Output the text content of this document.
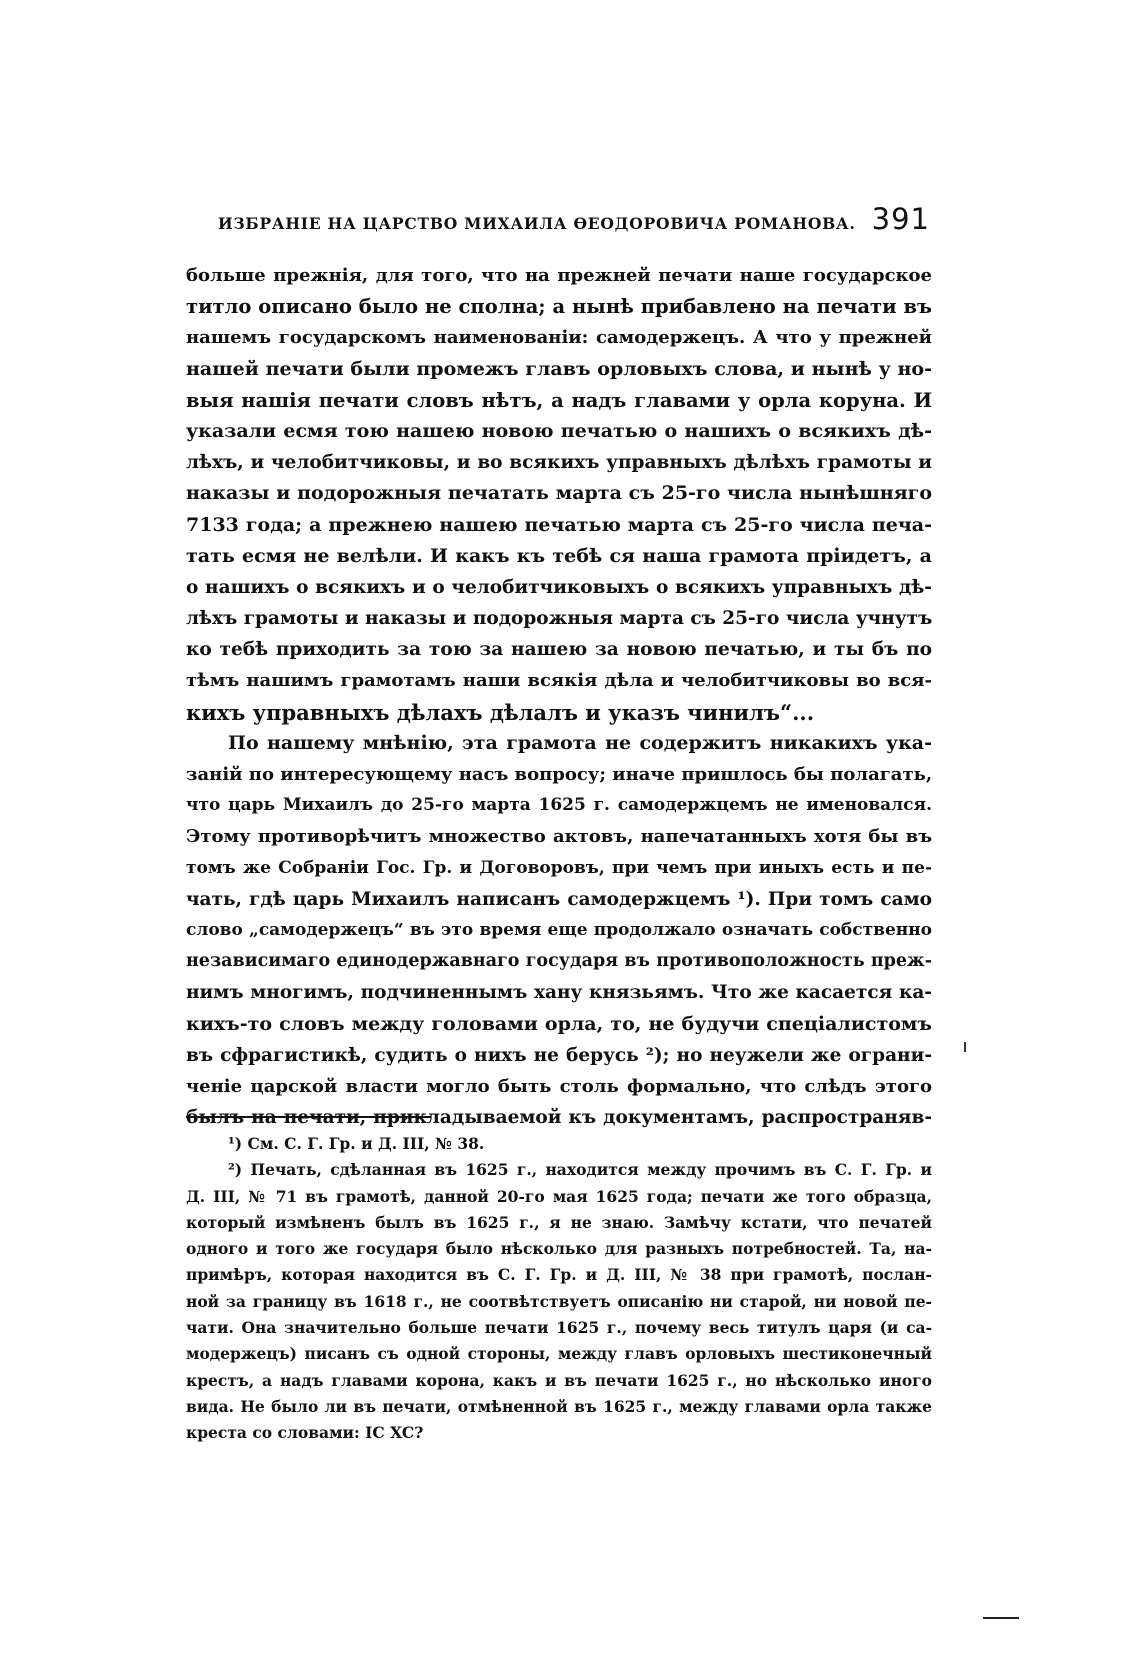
ИЗБРАНІЕ НА ЦАРСТВО МИХАИЛА ѲЕОДОРОВИЧА РОМАНОВА. 391
больше прежнія, для того, что на прежней печати наше государское
титло описано было не сполна; а нынѣ прибавлено на печати въ
нашемъ государскомъ наименованіи: самодержецъ. А что у прежней
нашей печати были промежъ главъ орловыхъ слова, и нынѣ у но-
выя нашія печати словъ нѣтъ, а надъ главами у орла коруна. И
указали есмя тою нашею новою печатью о нашихъ о всякихъ дѣ-
лѣхъ, и челобитчиковы, и во всякихъ управныхъ дѣлѣхъ грамоты и
наказы и подорожныя печатать марта съ 25-го числа нынѣшняго
7133 года; а прежнею нашею печатью марта съ 25-го числа печа-
тать есмя не велѣли. И какъ къ тебѣ ся наша грамота пріидетъ, а
о нашихъ о всякихъ и о челобитчиковыхъ о всякихъ управныхъ дѣ-
лѣхъ грамоты и наказы и подорожныя марта съ 25-го числа учнутъ
ко тебѣ приходить за тою за нашею за новою печатью, и ты бъ по
тѣмъ нашимъ грамотамъ наши всякія дѣла и челобитчиковы во вся-
кихъ управныхъ дѣлахъ дѣлалъ и указъ чинилъ“...
По нашему мнѣнію, эта грамота не содержитъ никакихъ ука-
заній по интересующему насъ вопросу; иначе пришлось бы полагать,
что царь Михаилъ до 25-го марта 1625 г. самодержцемъ не именовался.
Этому противорѣчитъ множество актовъ, напечатанныхъ хотя бы въ
томъ же Собраніи Гос. Гр. и Договоровъ, при чемъ при иныхъ есть и пе-
чать, гдѣ царь Михаилъ написанъ самодержцемъ ¹). При томъ само
слово „самодержецъ“ въ это время еще продолжало означать собственно
независимаго единодержавнаго государя въ противоположность преж-
нимъ многимъ, подчиненнымъ хану князьямъ. Что же касается ка-
кихъ-то словъ между головами орла, то, не будучи спеціалистомъ
въ сфрагистикѣ, судить о нихъ не берусь ²); но неужели же ограни-
ченіе царской власти могло быть столь формально, что слѣдъ этого
былъ на печати, прикладываемой къ документамъ, распространяв-
¹) См. С. Г. Гр. и Д. III, № 38.
²) Печать, сдѣланная въ 1625 г., находится между прочимъ въ С. Г. Гр. и
Д. III, № 71 въ грамотѣ, данной 20-го мая 1625 года; печати же того образца,
который измѣненъ былъ въ 1625 г., я не знаю. Замѣчу кстати, что печатей
одного и того же государя было нѣсколько для разныхъ потребностей. Та, на-
примѣръ, которая находится въ С. Г. Гр. и Д. III, № 38 при грамотѣ, послан-
ной за границу въ 1618 г., не соотвѣтствуетъ описанію ни старой, ни новой пе-
чати. Она значительно больше печати 1625 г., почему весь титулъ царя (и са-
модержецъ) писанъ съ одной стороны, между главъ орловыхъ шестиконечный
крестъ, а надъ главами корона, какъ и въ печати 1625 г., но нѣсколько иного
вида. Не было ли въ печати, отмѣненной въ 1625 г., между главами орла также
креста со словами: IC XC?
